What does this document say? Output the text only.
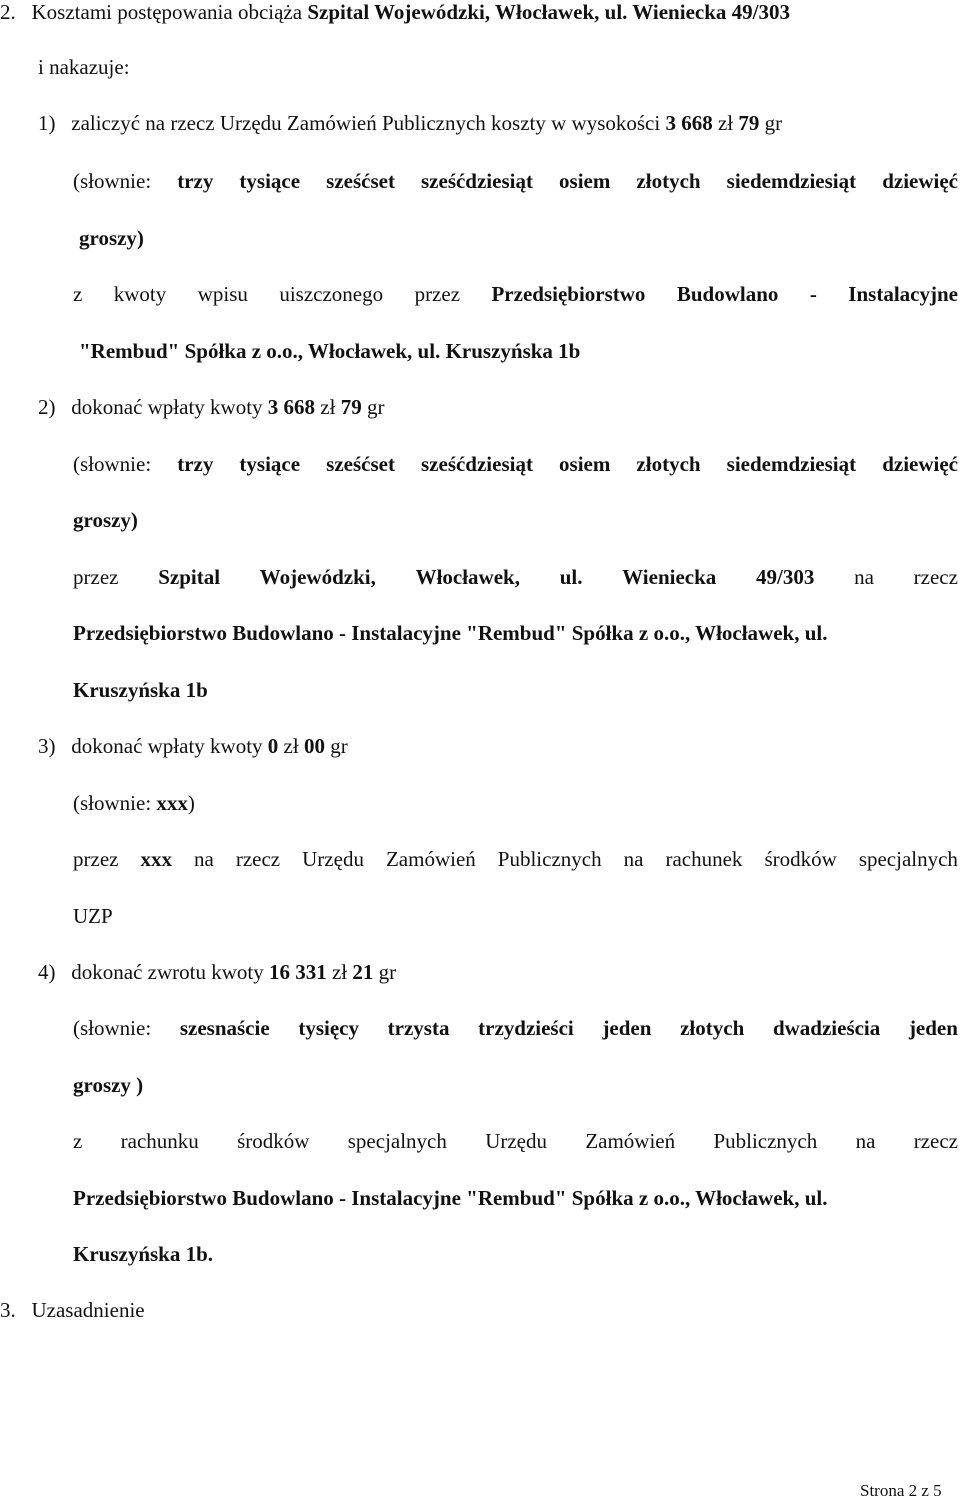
2. Kosztami postępowania obciąża Szpital Wojewódzki, Włocławek, ul. Wieniecka 49/303
i nakazuje:
1) zaliczyć na rzecz Urzędu Zamówień Publicznych koszty w wysokości 3 668 zł 79 gr
(słownie: trzy tysiące sześćset sześćdziesiąt osiem złotych siedemdziesiąt dziewięć
groszy)
z kwoty wpisu uiszczonego przez Przedsiębiorstwo Budowlano - Instalacyjne
"Rembud" Spółka z o.o., Włocławek, ul. Kruszyńska 1b
2) dokonać wpłaty kwoty 3 668 zł 79 gr
(słownie: trzy tysiące sześćset sześćdziesiąt osiem złotych siedemdziesiąt dziewięć
groszy)
przez Szpital Wojewódzki, Włocławek, ul. Wieniecka 49/303 na rzecz
Przedsiębiorstwo Budowlano - Instalacyjne "Rembud" Spółka z o.o., Włocławek, ul.
Kruszyńska 1b
3) dokonać wpłaty kwoty 0 zł 00 gr
(słownie: xxx)
przez xxx na rzecz Urzędu Zamówień Publicznych na rachunek środków specjalnych
UZP
4) dokonać zwrotu kwoty 16 331 zł 21 gr
(słownie: szesnaście tysięcy trzysta trzydzieści jeden złotych dwadzieścia jeden
groszy )
z rachunku środków specjalnych Urzędu Zamówień Publicznych na rzecz
Przedsiębiorstwo Budowlano - Instalacyjne "Rembud" Spółka z o.o., Włocławek, ul.
Kruszyńska 1b.
3. Uzasadnienie
Strona 2 z 5
